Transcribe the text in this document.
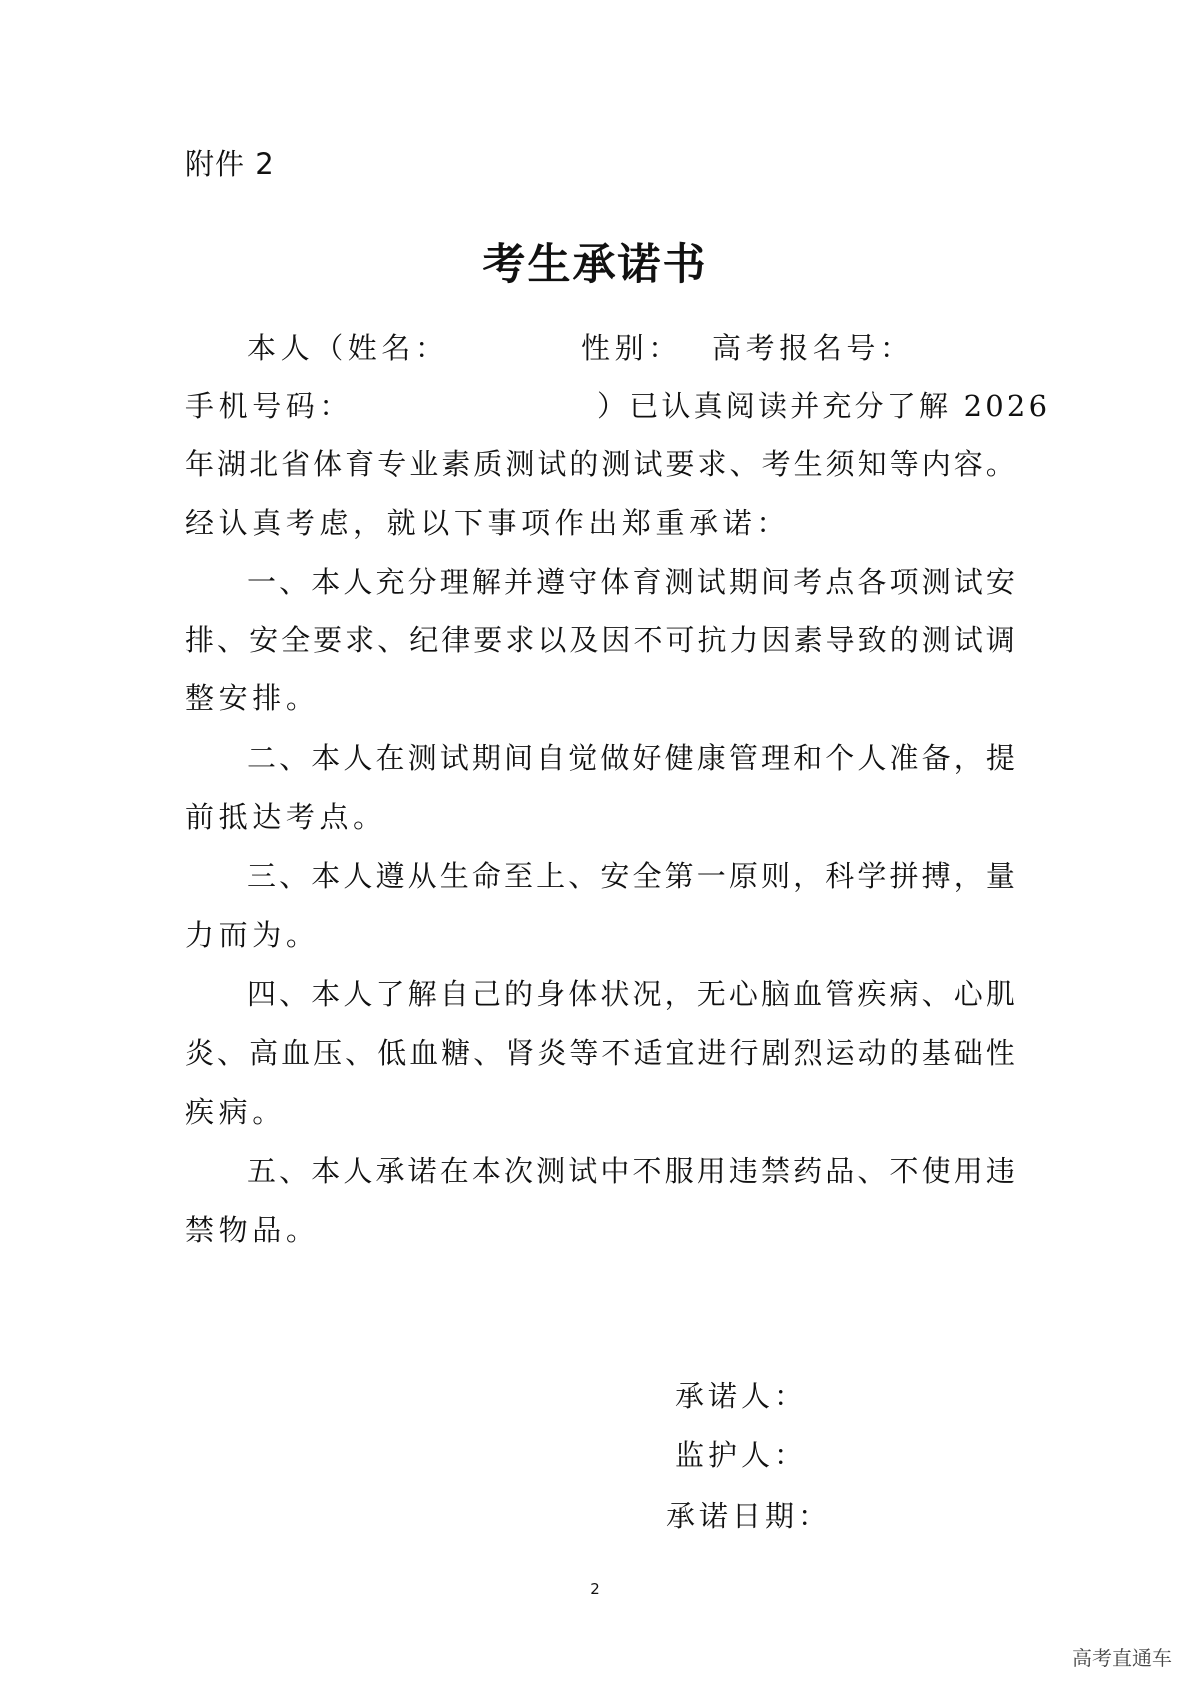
附件 2
考生承诺书
本人（姓名：	性别： 高考报名号：
手机号码：	）已认真阅读并充分了解 2026
年 湖 北 省 体 育 专 业 素 质 测 试 的 测 试 要 求 、 考 生 须 知 等 内 容 。
经 认 真 考 虑 ， 就 以 下 事 项 作 出 郑 重 承 诺 ：
一 、 本 人 充 分 理 解 并 遵 守 体 育 测 试 期 间 考 点 各 项 测 试 安
排 、 安 全 要 求 、 纪 律 要 求 以 及 因 不 可 抗 力 因 素 导 致 的 测 试 调
整 安 排 。
二 、 本 人 在 测 试 期 间 自 觉 做 好 健 康 管 理 和 个 人 准 备 ， 提
前 抵 达 考 点 。
三 、 本 人 遵 从 生 命 至 上 、 安 全 第 一 原 则 ， 科 学 拼 搏 ， 量
力 而 为 。
四 、 本 人 了 解 自 己 的 身 体 状 况 ， 无 心 脑 血 管 疾 病 、 心 肌
炎 、 高 血 压 、 低 血 糖 、 肾 炎 等 不 适 宜 进 行 剧 烈 运 动 的 基 础 性
疾 病 。
五 、 本 人 承 诺 在 本 次 测 试 中 不 服 用 违 禁 药 品 、 不 使 用 违
禁 物 品 。
承诺人：
监护人：
承诺日期：
2
高考直通车
